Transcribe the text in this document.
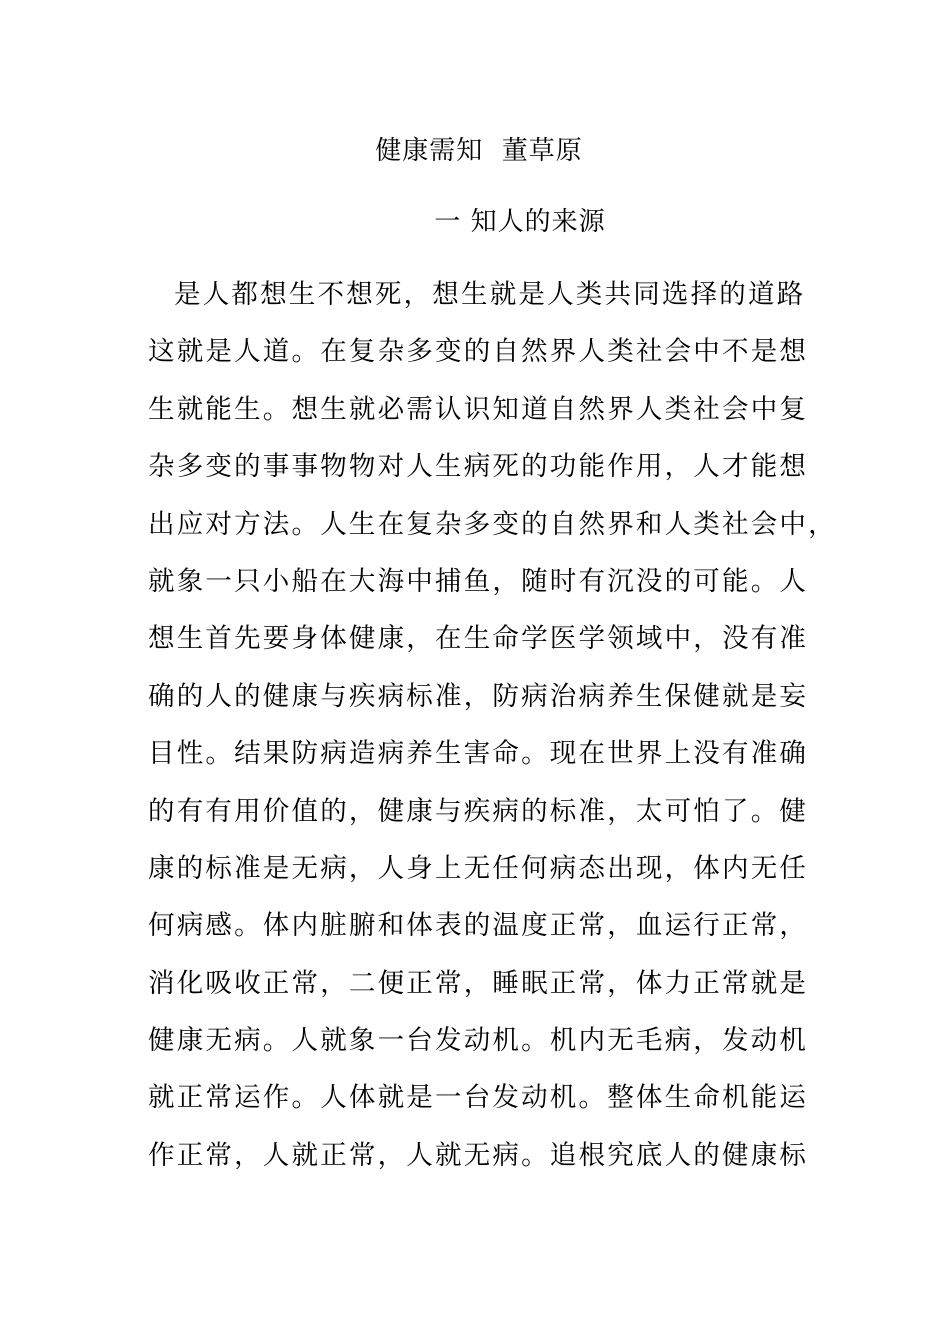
健康需知  董草原
一 知人的来源
是人都想生不想死，想生就是人类共同选择的道路
这就是人道。在复杂多变的自然界人类社会中不是想
生就能生。想生就必需认识知道自然界人类社会中复
杂多变的事事物物对人生病死的功能作用，人才能想
出应对方法。人生在复杂多变的自然界和人类社会中，
就象一只小船在大海中捕鱼，随时有沉没的可能。人
想生首先要身体健康，在生命学医学领域中，没有准
确的人的健康与疾病标准，防病治病养生保健就是妄
目性。结果防病造病养生害命。现在世界上没有准确
的有有用价值的，健康与疾病的标准，太可怕了。健
康的标准是无病，人身上无任何病态出现，体内无任
何病感。体内脏腑和体表的温度正常，血运行正常，
消化吸收正常，二便正常，睡眠正常，体力正常就是
健康无病。人就象一台发动机。机内无毛病，发动机
就正常运作。人体就是一台发动机。整体生命机能运
作正常，人就正常，人就无病。追根究底人的健康标
